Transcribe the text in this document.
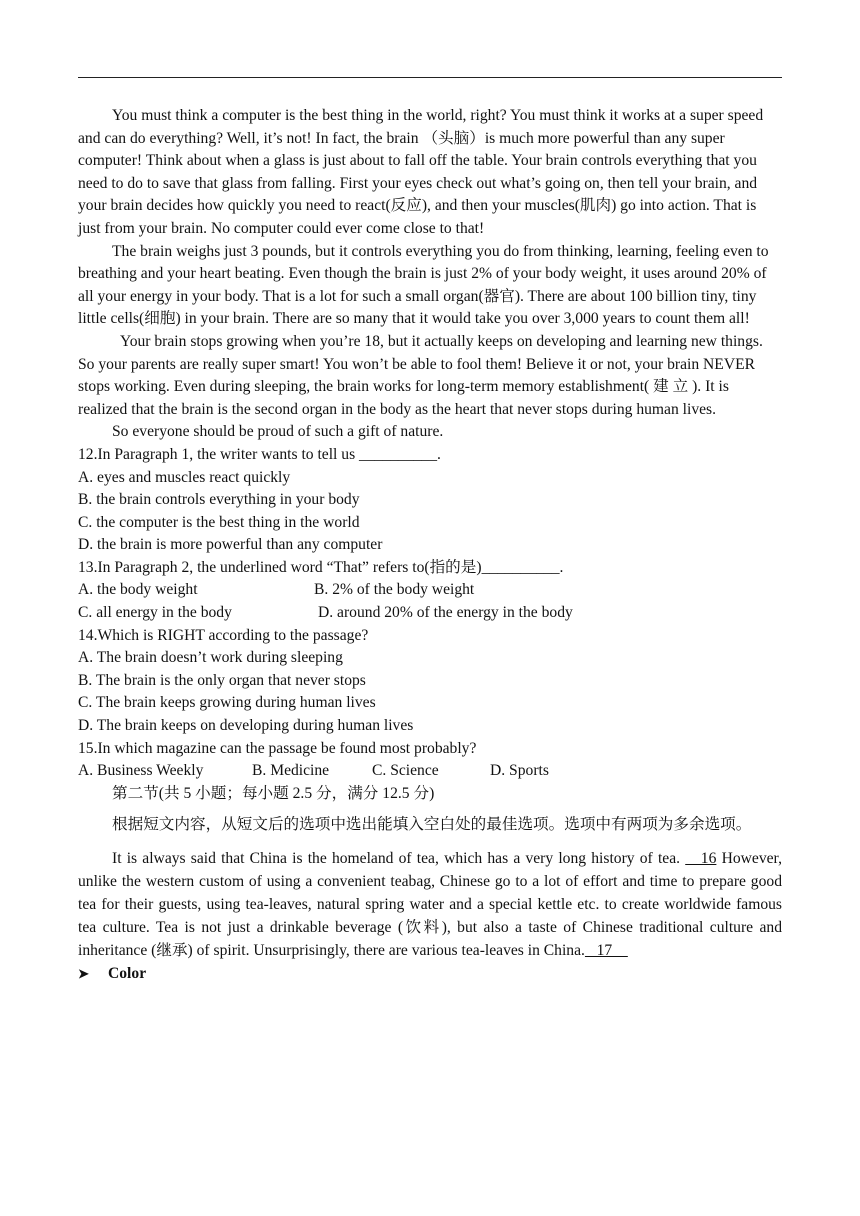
You must think a computer is the best thing in the world, right? You must think it works at a super speed and can do everything? Well, it’s not! In fact, the brain （头脑）is much more powerful than any super computer! Think about when a glass is just about to fall off the table. Your brain controls everything that you need to do to save that glass from falling. First your eyes check out what’s going on, then tell your brain, and your brain decides how quickly you need to react(反应), and then your muscles(肌肉) go into action. That is just from your brain. No computer could ever come close to that!

The brain weighs just 3 pounds, but it controls everything you do from thinking, learning, feeling even to breathing and your heart beating. Even though the brain is just 2% of your body weight, it uses around 20% of all your energy in your body. That is a lot for such a small organ(器官). There are about 100 billion tiny, tiny little cells(细胞) in your brain. There are so many that it would take you over 3,000 years to count them all!

Your brain stops growing when you’re 18, but it actually keeps on developing and learning new things. So your parents are really super smart! You won’t be able to fool them! Believe it or not, your brain NEVER stops working. Even during sleeping, the brain works for long-term memory establishment( 建 立 ). It is realized that the brain is the second organ in the body as the heart that never stops during human lives.

So everyone should be proud of such a gift of nature.

12.In Paragraph 1, the writer wants to tell us __________.

A. eyes and muscles react quickly

B. the brain controls everything in your body

C. the computer is the best thing in the world

D. the brain is more powerful than any computer

13.In Paragraph 2, the underlined word “That” refers to(指的是)__________.

A. the body weight	B. 2% of the body weight

C. all energy in the body	D. around 20% of the energy in the body

14.Which is RIGHT according to the passage?

A. The brain doesn’t work during sleeping

B. The brain is the only organ that never stops

C. The brain keeps growing during human lives

D. The brain keeps on developing during human lives

15.In which magazine can the passage be found most probably?

A. Business Weekly	B. Medicine	C. Science	D. Sports

第二节(共 5 小题；每小题 2.5 分，满分 12.5 分)

根据短文内容，从短文后的选项中选出能填入空白处的最佳选项。选项中有两项为多余选项。

It is always said that China is the homeland of tea, which has a very long history of tea.    16 However, unlike the western custom of using a convenient teabag, Chinese go to a lot of effort and time to prepare good tea for their guests, using tea-leaves, natural spring water and a special kettle etc. to create worldwide famous tea culture. Tea is not just a drinkable beverage (饮料), but also a taste of Chinese traditional culture and inheritance (继承) of spirit. Unsurprisingly, there are various tea-leaves in China.   17

➤	Color
